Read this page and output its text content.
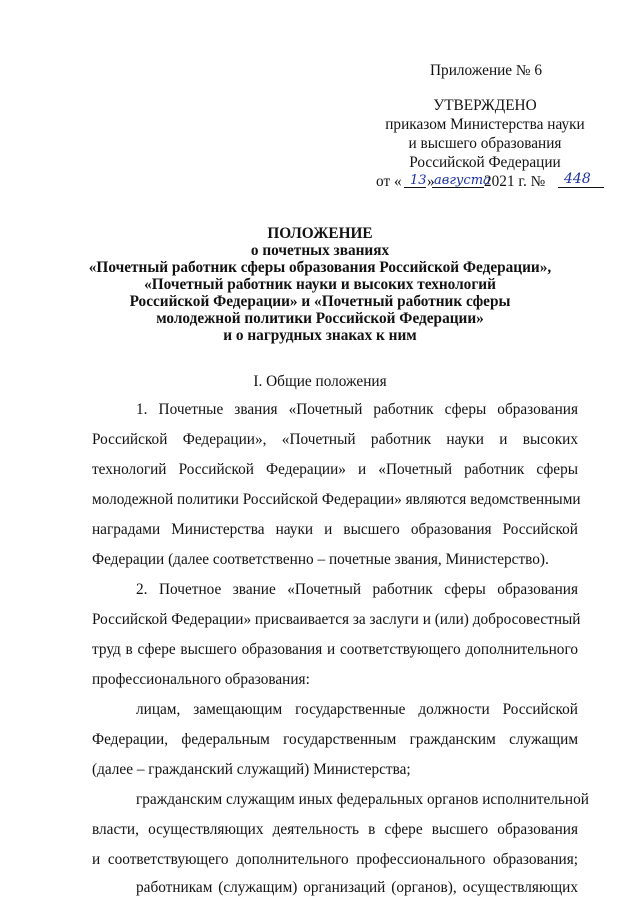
Приложение № 6
УТВЕРЖДЕНО
приказом Министерства науки
и высшего образования
Российской Федерации
от « 13 » августа
2021 г. № 448
ПОЛОЖЕНИЕ
о почетных званиях
«Почетный работник сферы образования Российской Федерации»,
«Почетный работник науки и высоких технологий
Российской Федерации» и «Почетный работник сферы
молодежной политики Российской Федерации»
и о нагрудных знаках к ним
I. Общие положения
1. Почетные звания «Почетный работник сферы образования
Российской Федерации», «Почетный работник науки и высоких
технологий Российской Федерации» и «Почетный работник сферы
молодежной политики Российской Федерации» являются ведомственными
наградами Министерства науки и высшего образования Российской
Федерации (далее соответственно – почетные звания, Министерство).
2. Почетное звание «Почетный работник сферы образования
Российской Федерации» присваивается за заслуги и (или) добросовестный
труд в сфере высшего образования и соответствующего дополнительного
профессионального образования:
лицам, замещающим государственные должности Российской
Федерации, федеральным государственным гражданским служащим
(далее – гражданский служащий) Министерства;
гражданским служащим иных федеральных органов исполнительной
власти, осуществляющих деятельность в сфере высшего образования
и соответствующего дополнительного профессионального образования;
работникам (служащим) организаций (органов), осуществляющих
